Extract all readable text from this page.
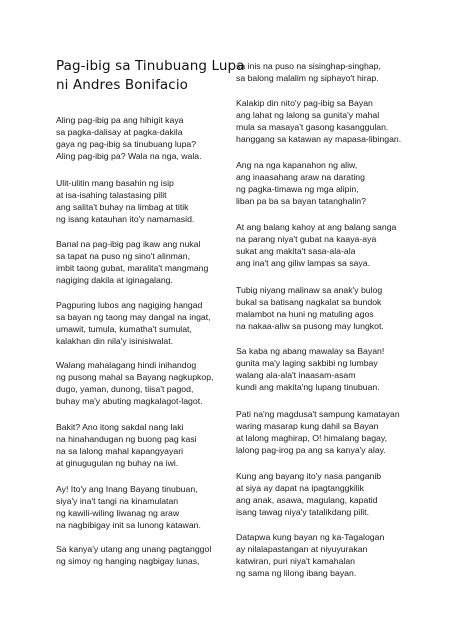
Pag-ibig sa Tinubuang Lupa
ni Andres Bonifacio
Aling pag-ibig pa ang hihigit kaya
sa pagka-dalisay at pagka-dakila
gaya ng pag-ibig sa tinubuang lupa?
Aling pag-ibig pa? Wala na nga, wala.
Ulit-ulitin mang basahin ng isip
at isa-isahing talastasing pilit
ang salita't buhay na limbag at titik
ng isang katauhan ito'y namamasid.
Banal na pag-ibig pag ikaw ang nukal
sa tapat na puso ng sino't alinman,
imbit taong gubat, maralita't mangmang
nagiging dakila at iginagalang.
Pagpuring lubos ang nagiging hangad
sa bayan ng taong may dangal na ingat,
umawit, tumula, kumatha't sumulat,
kalakhan din nila'y isinisiwalat.
Walang mahalagang hindi inihandog
ng pusong mahal sa Bayang nagkupkop,
dugo, yaman, dunong, tiisa't pagod,
buhay ma'y abuting magkalagot-lagot.
Bakit? Ano itong sakdal nang laki
na hinahandugan ng buong pag kasi
na sa lalong mahal kapangyayari
at ginugugulan ng buhay na iwi.
Ay! Ito'y ang Inang Bayang tinubuan,
siya'y ina't tangi na kinamulatan
ng kawili-wiling liwanag ng araw
na nagbibigay init sa lunong katawan.
Sa kanya'y utang ang unang pagtanggol
ng simoy ng hanging nagbigay lunas,
sa inis na puso na sisinghap-singhap,
sa balong malalim ng siphayo't hirap.
Kalakip din nito'y pag-ibig sa Bayan
ang lahat ng lalong sa gunita'y mahal
mula sa masaya't gasong kasanggulan.
hanggang sa katawan ay mapasa-libingan.
Ang na nga kapanahon ng aliw,
ang inaasahang araw na darating
ng pagka-timawa ng mga alipin,
liban pa ba sa bayan tatanghalin?
At ang balang kahoy at ang balang sanga
na parang niya't gubat na kaaya-aya
sukat ang makita't sasa-ala-ala
ang ina't ang giliw lampas sa saya.
Tubig niyang malinaw sa anak'y bulog
bukal sa batisang nagkalat sa bundok
malambot na huni ng matuling agos
na nakaa-aliw sa pusong may lungkot.
Sa kaba ng abang mawalay sa Bayan!
gunita ma'y laging sakbibi ng lumbay
walang ala-ala't inaasam-asam
kundi ang makita'ng lupang tinubuan.
Pati na'ng magdusa't sampung kamatayan
waring masarap kung dahil sa Bayan
at lalong maghirap, O! himalang bagay,
lalong pag-irog pa ang sa kanya'y alay.
Kung ang bayang ito'y nasa panganib
at siya ay dapat na ipagtanggkilik
ang anak, asawa, magulang, kapatid
isang tawag niya'y tatalikdang pilit.
Datapwa kung bayan ng ka-Tagalogan
ay nilalapastangan at niyuyurakan
katwiran, puri niya't kamahalan
ng sama ng lilong ibang bayan.
